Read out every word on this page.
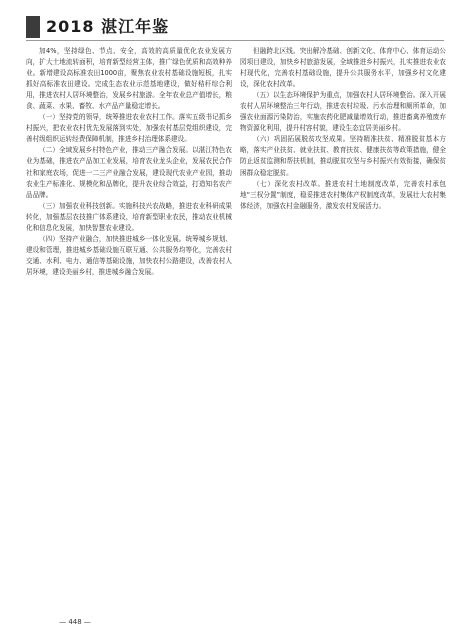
2018 湛江年鉴

加4%，坚持绿色、节点、安全，高效的高质量优化农业发展方向，扩大土地流转面积，培育新型经营主体，推广绿色优质和高效种养业。新增建设高标准农田1000亩，聚焦农业农村基础设施短板，扎实抓好高标准农田建设。完成生态农业示范基地建设，做好秸秆综合利用，推进农村人居环境整治，发展乡村旅游。全年农业总产值增长，粮食、蔬菜、水果、畜牧、水产品产量稳定增长。

（一）坚持党的领导，统筹推进农业农村工作。落实五级书记抓乡村振兴，把农业农村优先发展落到实处，加强农村基层党组织建设，完善村级组织运转经费保障机制，推进乡村治理体系建设。

（二）全域发展乡村特色产业，推动三产融合发展。以湛江特色农业为基础，推进农产品加工业发展，培育农业龙头企业，发展农民合作社和家庭农场，促进一二三产业融合发展，建设现代农业产业园，推动农业生产标准化、规模化和品牌化，提升农业综合效益，打造知名农产品品牌。

（三）加强农业科技创新。实施科技兴农战略，推进农业科研成果转化，加强基层农技推广体系建设，培育新型职业农民，推动农业机械化和信息化发展，加快智慧农业建设。

（四）坚持产业融合，加快推进城乡一体化发展。统筹城乡规划、建设和管理，推进城乡基础设施互联互通、公共服务均等化，完善农村交通、水利、电力、通信等基础设施，加快农村公路建设，改善农村人居环境，建设美丽乡村，推进城乡融合发展。

但融跨北区线。突出解冷基础、创新文化、体育中心、体育运动公园项目建设，加快乡村旅游发展，全域推进乡村振兴，扎实推进农业农村现代化，完善农村基础设施，提升公共服务水平，加强乡村文化建设，深化农村改革。

（五）以生态环境保护为重点，加强农村人居环境整治。深入开展农村人居环境整治三年行动，推进农村垃圾、污水治理和厕所革命，加强农业面源污染防治，实施农药化肥减量增效行动，推进畜禽养殖废弃物资源化利用，提升村容村貌，建设生态宜居美丽乡村。

（六）巩固拓展脱贫攻坚成果。坚持精准扶贫、精准脱贫基本方略，落实产业扶贫、就业扶贫、教育扶贫、健康扶贫等政策措施，健全防止返贫监测和帮扶机制，推动脱贫攻坚与乡村振兴有效衔接，确保贫困群众稳定脱贫。

（七）深化农村改革。推进农村土地制度改革，完善农村承包地“三权分置”制度，稳妥推进农村集体产权制度改革，发展壮大农村集体经济，加强农村金融服务，激发农村发展活力。

— 448 —
